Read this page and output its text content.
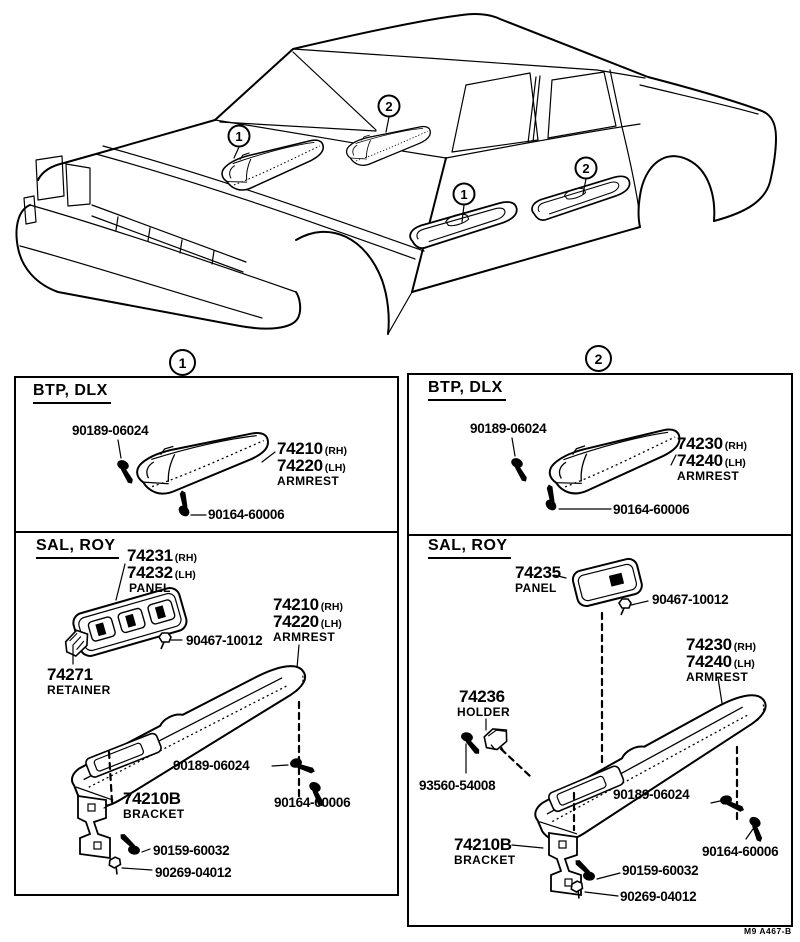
1
2
1
2
1	2
BTP, DLX
90189-06024
74210 (RH)
74220 (LH)
ARMREST
90164-60006
SAL, ROY
74231 (RH)
74232 (LH)
PANEL
90467-10012
74210 (RH)
74220 (LH)
ARMREST
74271
RETAINER
90189-06024
74210B
BRACKET
90164-60006
90159-60032
90269-04012
BTP, DLX
90189-06024
74230 (RH)
74240 (LH)
ARMREST
90164-60006
SAL, ROY
74235
PANEL
90467-10012
74230 (RH)
74240 (LH)
ARMREST
74236
HOLDER
93560-54008
90189-06024
74210B
BRACKET
90164-60006
90159-60032
90269-04012
M9 A467-B
